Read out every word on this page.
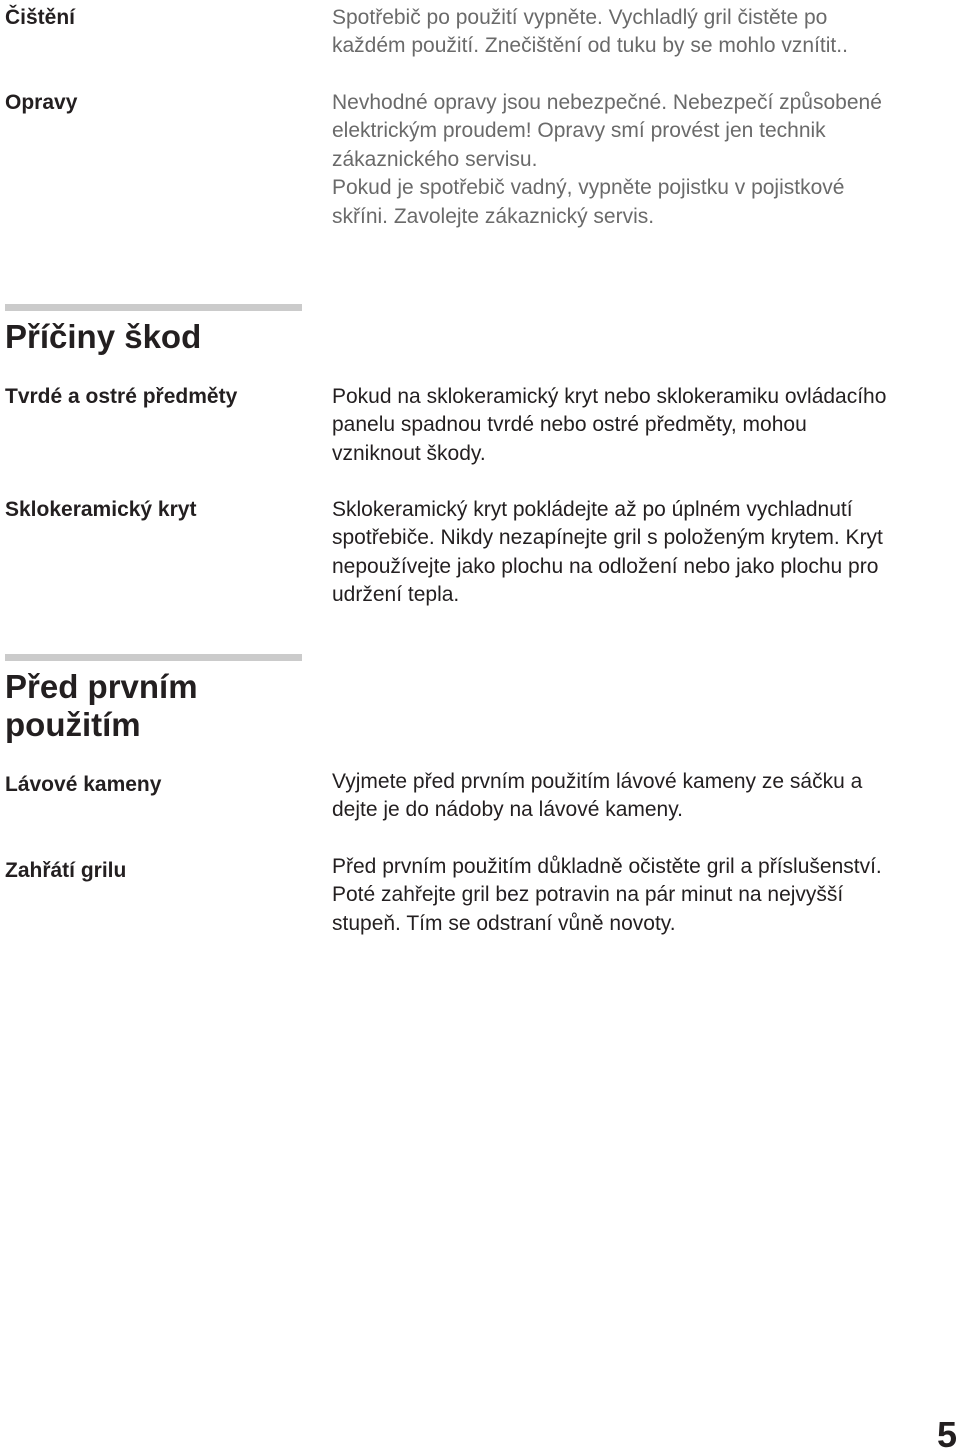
Čištění	Spotřebič po použití vypněte. Vychladlý gril čistěte po
každém použití. Znečištění od tuku by se mohlo vznítit..

Opravy	Nevhodné opravy jsou nebezpečné. Nebezpečí způsobené
elektrickým proudem! Opravy smí provést jen technik
zákaznického servisu.
Pokud je spotřebič vadný, vypněte pojistku v pojistkové
skříni. Zavolejte zákaznický servis.

Příčiny škod
Tvrdé a ostré předměty	Pokud na sklokeramický kryt nebo sklokeramiku ovládacího
panelu spadnou tvrdé nebo ostré předměty, mohou
vzniknout škody.

Sklokeramický kryt	Sklokeramický kryt pokládejte až po úplném vychladnutí
spotřebiče. Nikdy nezapínejte gril s položeným krytem. Kryt
nepoužívejte jako plochu na odložení nebo jako plochu pro
udržení tepla.

Před prvním
použitím
Lávové kameny	Vyjmete před prvním použitím lávové kameny ze sáčku a
dejte je do nádoby na lávové kameny.

Zahřátí grilu	Před prvním použitím důkladně očistěte gril a příslušenství.
Poté zahřejte gril bez potravin na pár minut na nejvyšší
stupeň. Tím se odstraní vůně novoty.

5
